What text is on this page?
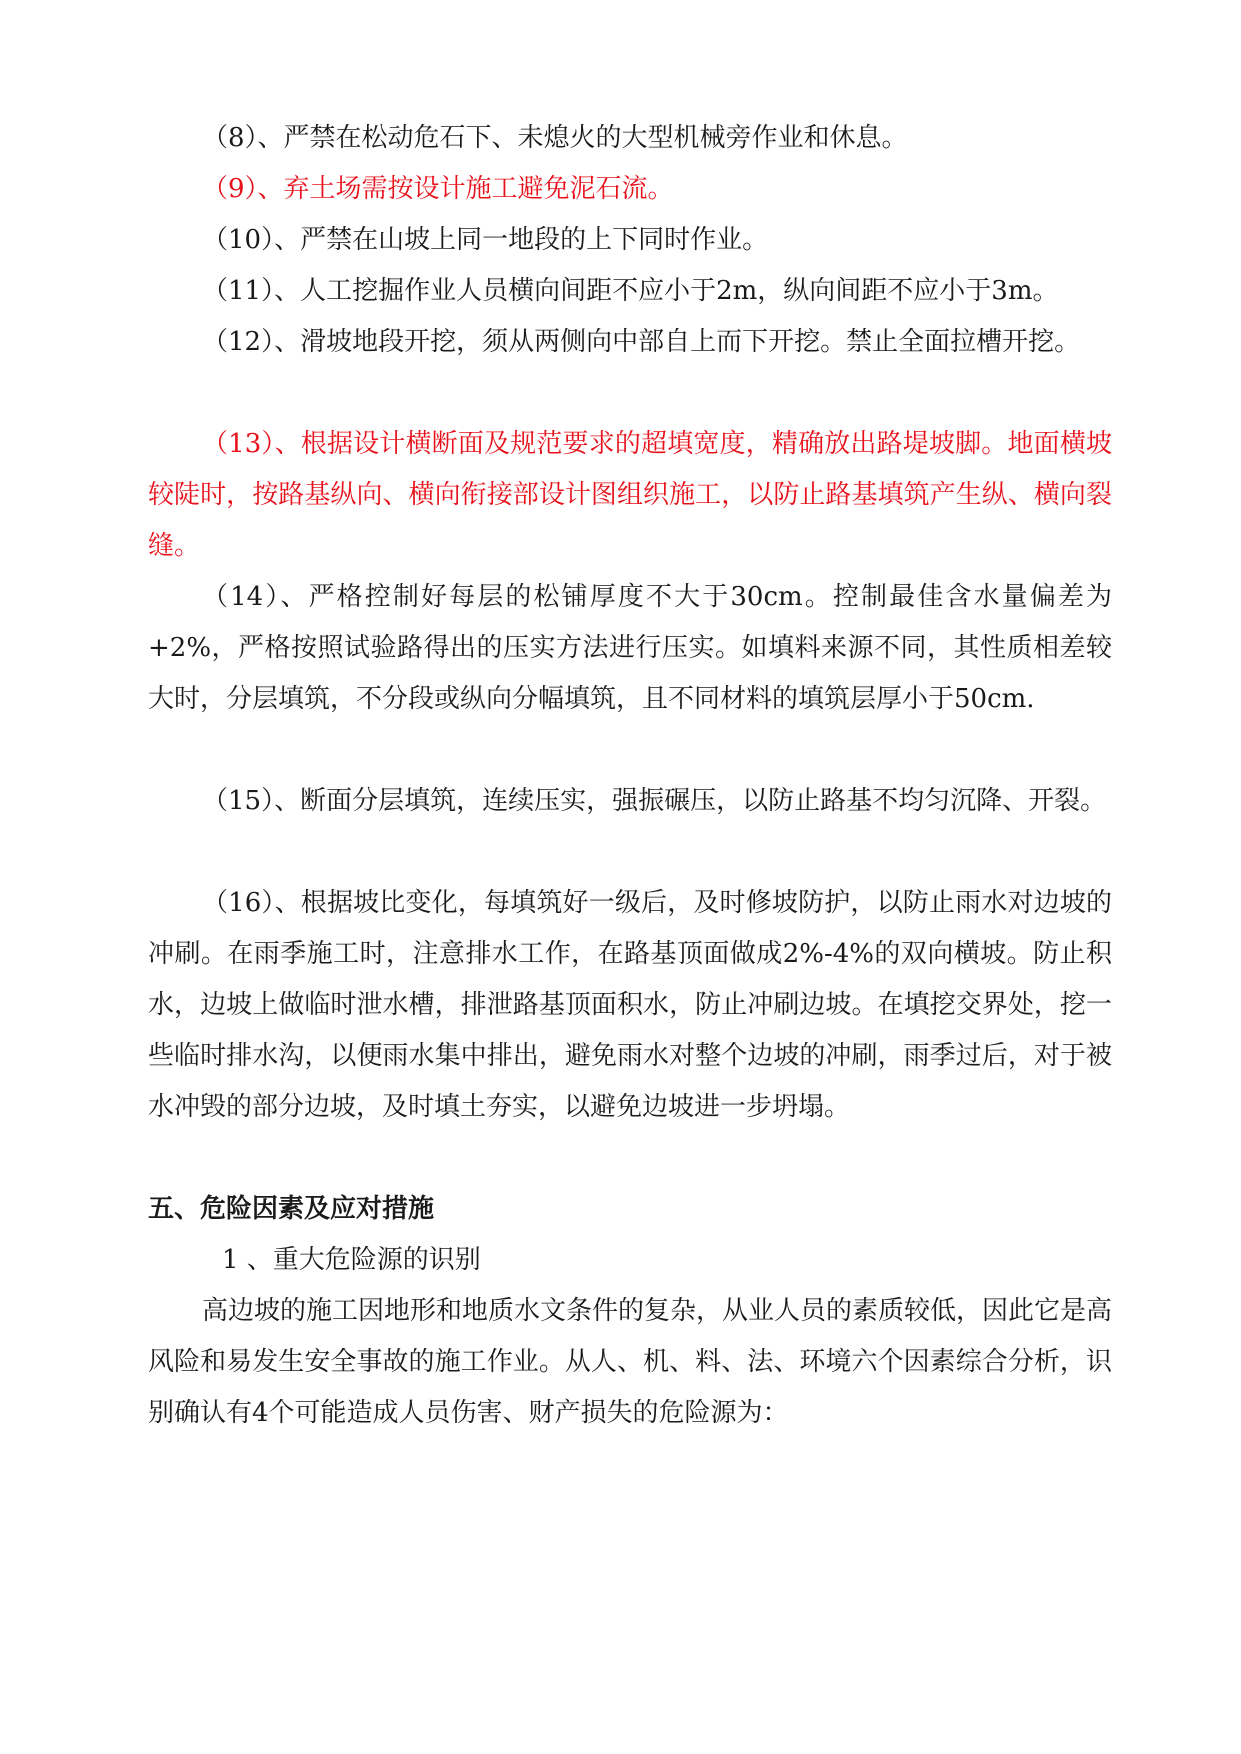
（8）、严禁在松动危石下、未熄火的大型机械旁作业和休息。

（9）、弃土场需按设计施工避免泥石流。

（10）、严禁在山坡上同一地段的上下同时作业。

（11）、人工挖掘作业人员横向间距不应小于2m，纵向间距不应小于3m。

（12）、滑坡地段开挖，须从两侧向中部自上而下开挖。禁止全面拉槽开挖。

（13）、根据设计横断面及规范要求的超填宽度，精确放出路堤坡脚。地面横坡较陡时，按路基纵向、横向衔接部设计图组织施工，以防止路基填筑产生纵、横向裂缝。

（14）、严格控制好每层的松铺厚度不大于30cm。控制最佳含水量偏差为+2%，严格按照试验路得出的压实方法进行压实。如填料来源不同，其性质相差较大时，分层填筑，不分段或纵向分幅填筑，且不同材料的填筑层厚小于50cm.

（15）、断面分层填筑，连续压实，强振碾压，以防止路基不均匀沉降、开裂。

（16）、根据坡比变化，每填筑好一级后，及时修坡防护，以防止雨水对边坡的冲刷。在雨季施工时，注意排水工作，在路基顶面做成2%-4%的双向横坡。防止积水，边坡上做临时泄水槽，排泄路基顶面积水，防止冲刷边坡。在填挖交界处，挖一些临时排水沟，以便雨水集中排出，避免雨水对整个边坡的冲刷，雨季过后，对于被水冲毁的部分边坡，及时填土夯实，以避免边坡进一步坍塌。

五、危险因素及应对措施

1 、重大危险源的识别

高边坡的施工因地形和地质水文条件的复杂，从业人员的素质较低，因此它是高风险和易发生安全事故的施工作业。从人、机、料、法、环境六个因素综合分析，识别确认有4个可能造成人员伤害、财产损失的危险源为：
